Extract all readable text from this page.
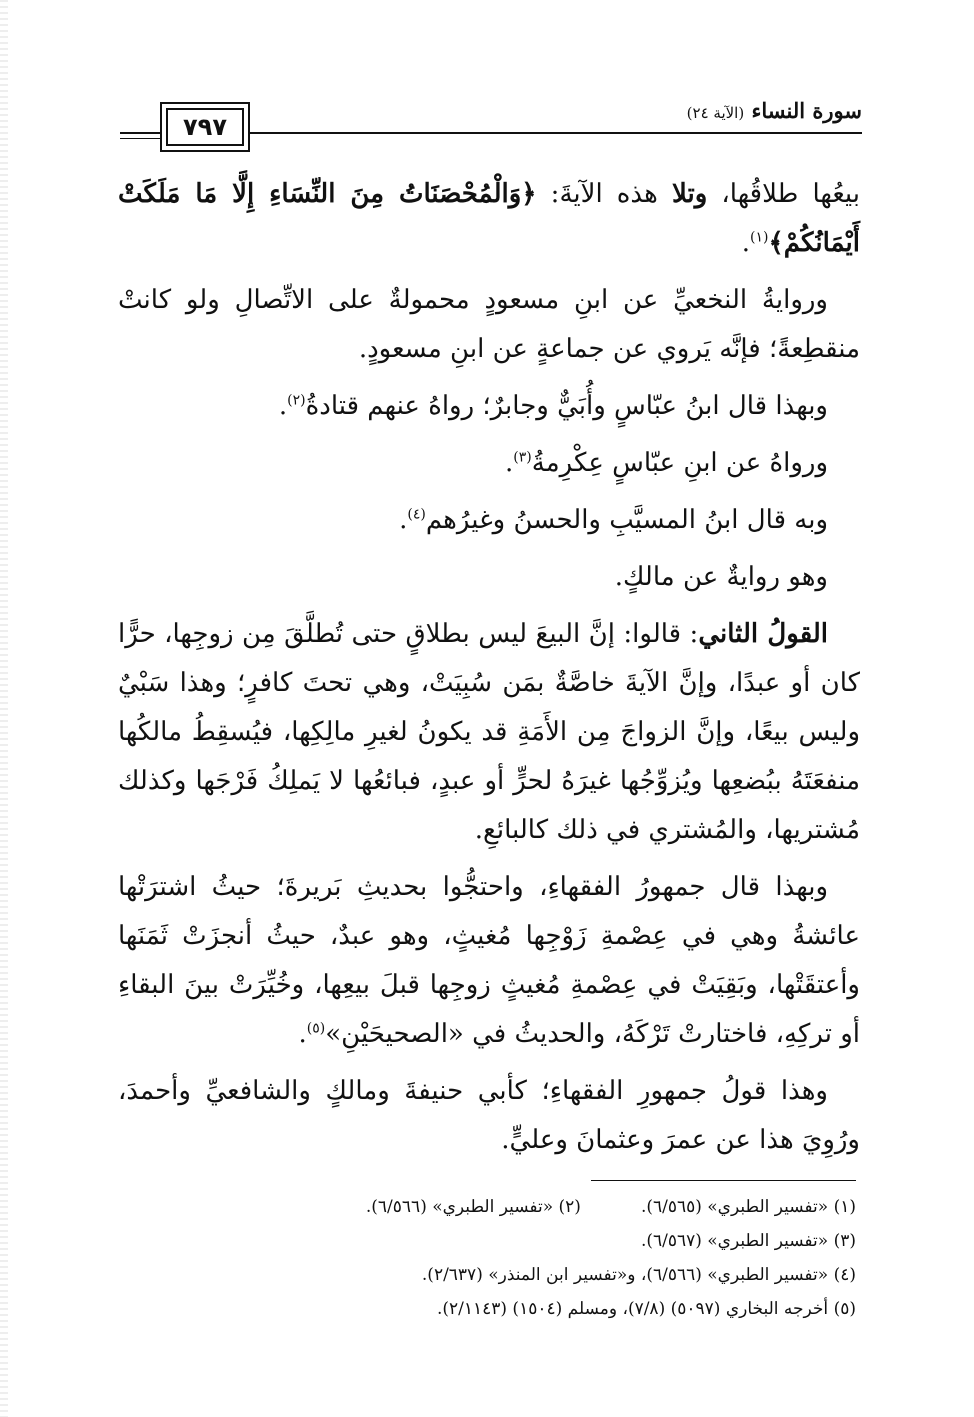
٧٩٧
سورة النساء (الآية ٢٤)

بيعُها طلاقُها، وتلا هذه الآيةَ: ﴿وَالْمُحْصَنَاتُ مِنَ النِّسَاءِ إِلَّا مَا مَلَكَتْ أَيْمَانُكُمْ﴾$^{(١)}$.

وروايةُ النخعيِّ عن ابنِ مسعودٍ محمولةٌ على الاتِّصالِ ولو كانتْ منقطِعةً؛ فإنَّه يَروي عن جماعةٍ عن ابنِ مسعودٍ.

وبهذا قال ابنُ عبّاسٍ وأُبَيٌّ وجابرٌ؛ رواهُ عنهم قتادةُ$^{(٢)}$.

ورواهُ عن ابنِ عبّاسٍ عِكْرِمةُ$^{(٣)}$.

وبه قال ابنُ المسيَّبِ والحسنُ وغيرُهم$^{(٤)}$.

وهو روايةٌ عن مالكٍ.

القولُ الثاني: قالوا: إنَّ البيعَ ليس بطلاقٍ حتى تُطلَّقَ مِن زوجِها، حرًّا كان أو عبدًا، وإنَّ الآيةَ خاصَّةٌ بمَن سُبِيَتْ، وهي تحتَ كافرٍ؛ وهذا سَبْيٌ وليس بيعًا، وإنَّ الزواجَ مِن الأَمَةِ قد يكونُ لغيرِ مالِكِها، فيُسقِطُ مالكُها منفعَتَهُ ببُضعِها ويُزوِّجُها غيرَهُ لحرٍّ أو عبدٍ، فبائعُها لا يَملِكُ فَرْجَها وكذلك مُشتريها، والمُشتري في ذلك كالبائعِ.

وبهذا قال جمهورُ الفقهاءِ، واحتجُّوا بحديثِ بَريرةَ؛ حيثُ اشترَتْها عائشةُ وهي في عِصْمةِ زَوْجِها مُغيثٍ، وهو عبدٌ، حيثُ أنجزَتْ ثَمَنَها وأعتقَتْها، وبَقِيَتْ في عِصْمةِ مُغيثٍ زوجِها قبلَ بيعِها، وخُيِّرَتْ بينَ البقاءِ أو تركِهِ، فاختارتْ تَرْكَهُ، والحديثُ في «الصحيحَيْنِ»$^{(٥)}$.

وهذا قولُ جمهورِ الفقهاءِ؛ كأبي حنيفةَ ومالكٍ والشافعيِّ وأحمدَ، ورُوِيَ هذا عن عمرَ وعثمانَ وعليٍّ.

(١) «تفسير الطبري» (٦/٥٦٥).
(٢) «تفسير الطبري» (٦/٥٦٦).
(٣) «تفسير الطبري» (٦/٥٦٧).
(٤) «تفسير الطبري» (٦/٥٦٦)، و«تفسير ابن المنذر» (٢/٦٣٧).
(٥) أخرجه البخاري (٥٠٩٧) (٧/٨)، ومسلم (١٥٠٤) (٢/١١٤٣).
